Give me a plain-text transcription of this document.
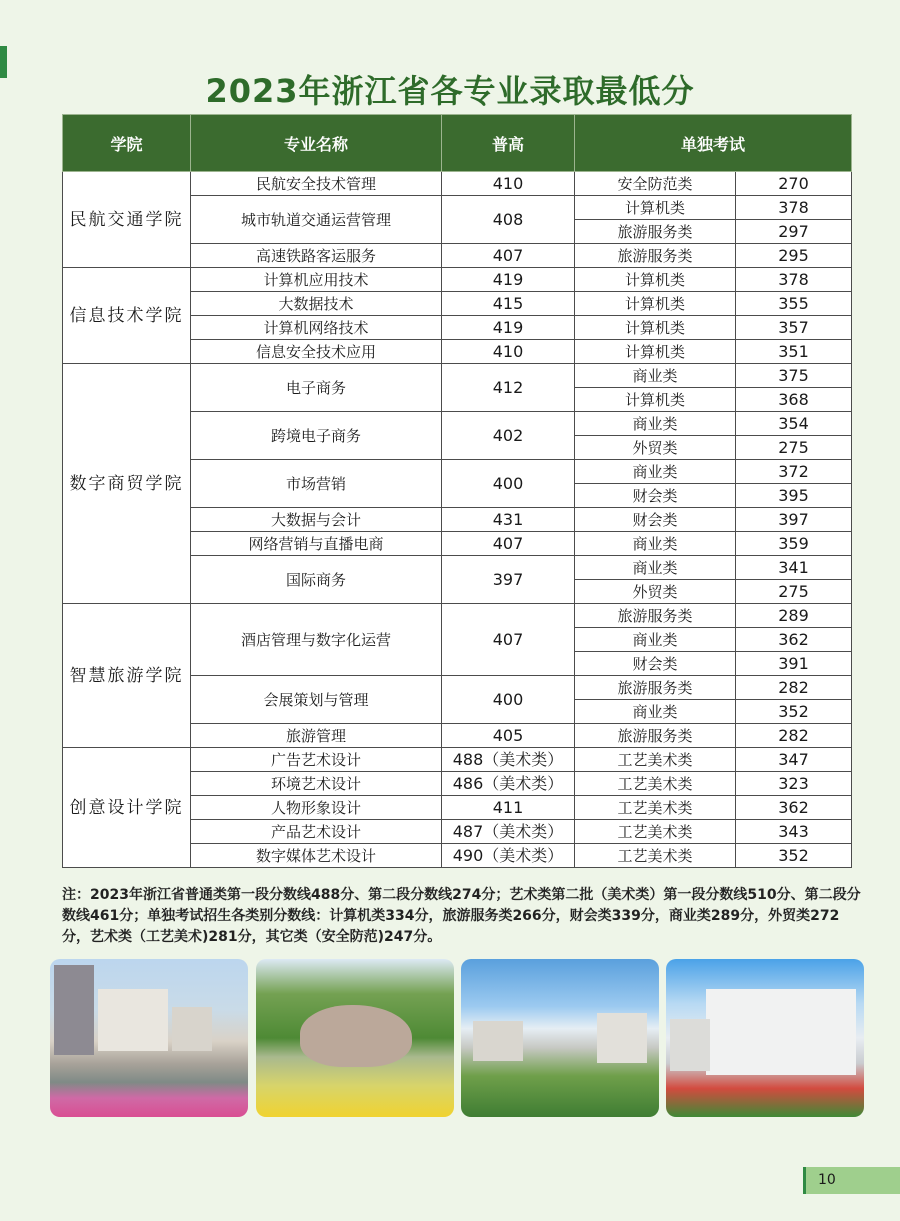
2023年浙江省各专业录取最低分
学院	专业名称	普高	单独考试	
民航交通学院	民航安全技术管理	410	安全防范类	270
	城市轨道交通运营管理	408	计算机类	378
			旅游服务类	297
	高速铁路客运服务	407	旅游服务类	295
信息技术学院	计算机应用技术	419	计算机类	378
	大数据技术	415	计算机类	355
	计算机网络技术	419	计算机类	357
	信息安全技术应用	410	计算机类	351
数字商贸学院	电子商务	412	商业类	375
			计算机类	368
	跨境电子商务	402	商业类	354
			外贸类	275
	市场营销	400	商业类	372
			财会类	395
	大数据与会计	431	财会类	397
	网络营销与直播电商	407	商业类	359
	国际商务	397	商业类	341
			外贸类	275
智慧旅游学院	酒店管理与数字化运营	407	旅游服务类	289
			商业类	362
			财会类	391
	会展策划与管理	400	旅游服务类	282
			商业类	352
	旅游管理	405	旅游服务类	282
创意设计学院	广告艺术设计	488（美术类）	工艺美术类	347
	环境艺术设计	486（美术类）	工艺美术类	323
	人物形象设计	411	工艺美术类	362
	产品艺术设计	487（美术类）	工艺美术类	343
	数字媒体艺术设计	490（美术类）	工艺美术类	352
注：2023年浙江省普通类第一段分数线488分、第二段分数线274分；艺术类第二批（美术类）第一段分数线510分、第二段分数线461分；单独考试招生各类别分数线：计算机类334分，旅游服务类266分，财会类339分，商业类289分，外贸类272分，艺术类（工艺美术)281分，其它类（安全防范)247分。
10
